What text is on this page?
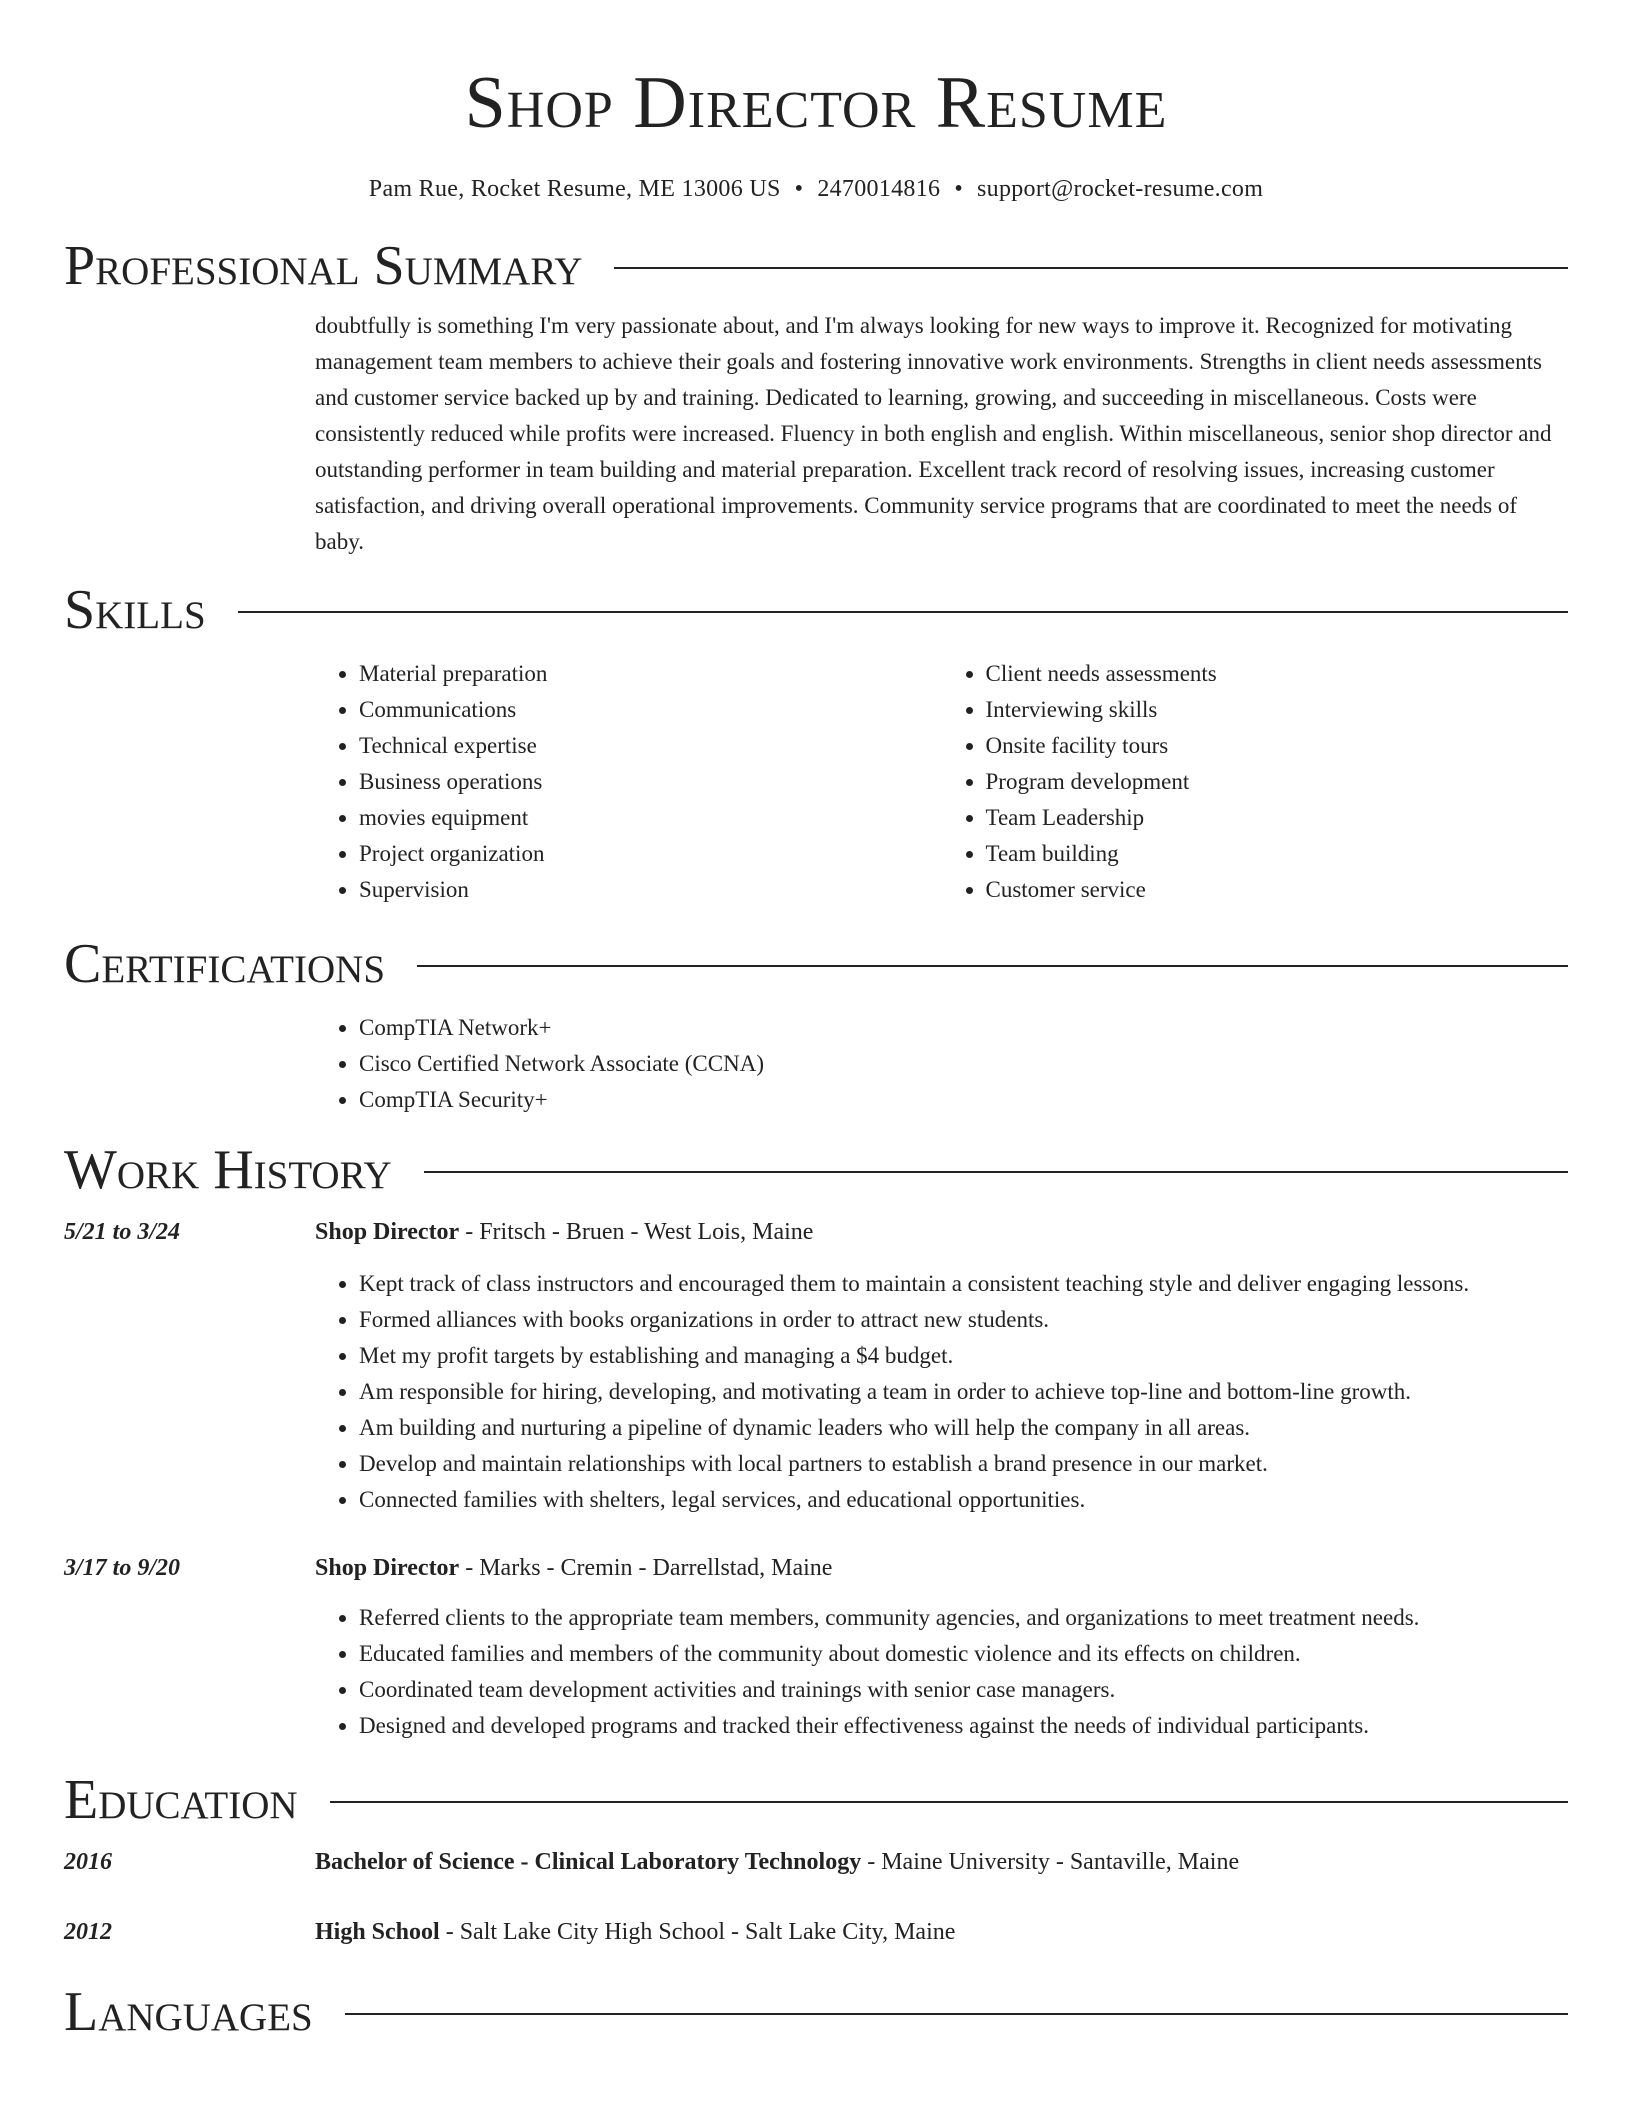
Shop Director Resume
Pam Rue, Rocket Resume, ME 13006 US • 2470014816 • support@rocket-resume.com
Professional Summary
doubtfully is something I'm very passionate about, and I'm always looking for new ways to improve it. Recognized for motivating management team members to achieve their goals and fostering innovative work environments. Strengths in client needs assessments and customer service backed up by and training. Dedicated to learning, growing, and succeeding in miscellaneous. Costs were consistently reduced while profits were increased. Fluency in both english and english. Within miscellaneous, senior shop director and outstanding performer in team building and material preparation. Excellent track record of resolving issues, increasing customer satisfaction, and driving overall operational improvements. Community service programs that are coordinated to meet the needs of baby.
Skills
• Material preparation
• Communications
• Technical expertise
• Business operations
• movies equipment
• Project organization
• Supervision
• Client needs assessments
• Interviewing skills
• Onsite facility tours
• Program development
• Team Leadership
• Team building
• Customer service
Certifications
• CompTIA Network+
• Cisco Certified Network Associate (CCNA)
• CompTIA Security+
Work History
5/21 to 3/24	Shop Director - Fritsch - Bruen - West Lois, Maine
• Kept track of class instructors and encouraged them to maintain a consistent teaching style and deliver engaging lessons.
• Formed alliances with books organizations in order to attract new students.
• Met my profit targets by establishing and managing a $4 budget.
• Am responsible for hiring, developing, and motivating a team in order to achieve top-line and bottom-line growth.
• Am building and nurturing a pipeline of dynamic leaders who will help the company in all areas.
• Develop and maintain relationships with local partners to establish a brand presence in our market.
• Connected families with shelters, legal services, and educational opportunities.
3/17 to 9/20	Shop Director - Marks - Cremin - Darrellstad, Maine
• Referred clients to the appropriate team members, community agencies, and organizations to meet treatment needs.
• Educated families and members of the community about domestic violence and its effects on children.
• Coordinated team development activities and trainings with senior case managers.
• Designed and developed programs and tracked their effectiveness against the needs of individual participants.
Education
2016	Bachelor of Science - Clinical Laboratory Technology - Maine University - Santaville, Maine
2012	High School - Salt Lake City High School - Salt Lake City, Maine
Languages
